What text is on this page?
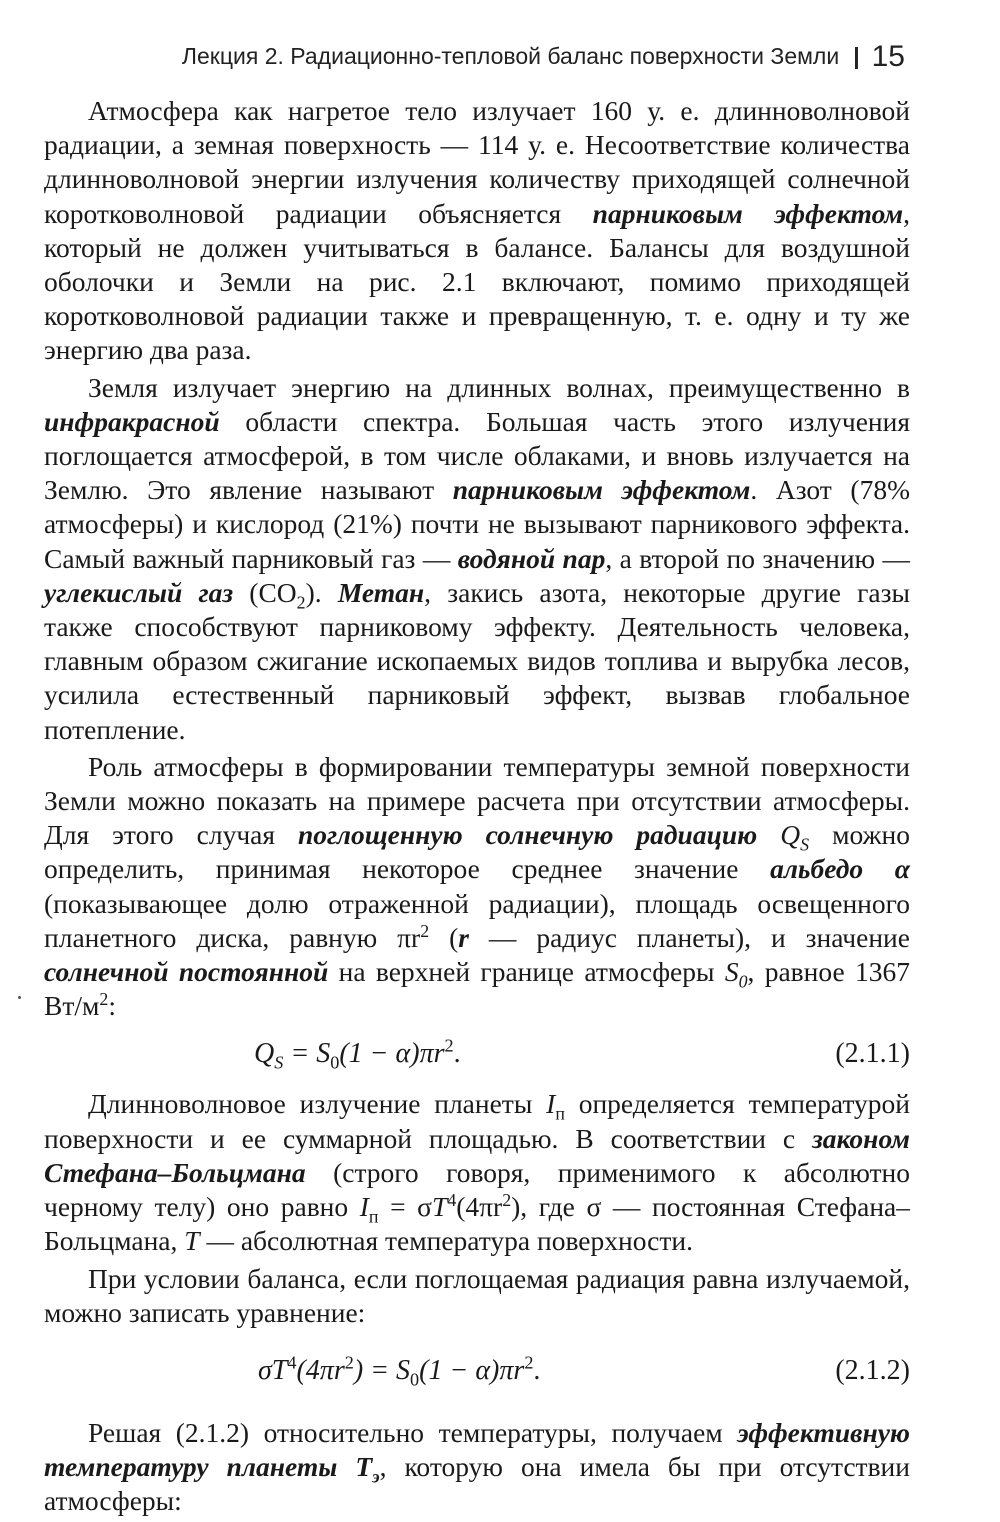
Лекция 2. Радиационно-тепловой баланс поверхности Земли | 15

Атмосфера как нагретое тело излучает 160 у. е. длинноволновой радиации, а земная поверхность — 114 у. е. Несоответствие количества длинноволновой энергии излучения количеству приходящей солнечной коротковолновой радиации объясняется парниковым эффектом, который не должен учитываться в балансе. Балансы для воздушной оболочки и Земли на рис. 2.1 включают, помимо приходящей коротковолновой радиации также и превращенную, т. е. одну и ту же энергию два раза.

Земля излучает энергию на длинных волнах, преимущественно в инфракрасной области спектра. Большая часть этого излучения поглощается атмосферой, в том числе облаками, и вновь излучается на Землю. Это явление называют парниковым эффектом. Азот (78% атмосферы) и кислород (21%) почти не вызывают парникового эффекта. Самый важный парниковый газ — водяной пар, а второй по значению — углекислый газ $(CO_2)$. Метан, закись азота, некоторые другие газы также способствуют парниковому эффекту. Деятельность человека, главным образом сжигание ископаемых видов топлива и вырубка лесов, усилила естественный парниковый эффект, вызвав глобальное потепление.

Роль атмосферы в формировании температуры земной поверхности Земли можно показать на примере расчета при отсутствии атмосферы. Для этого случая поглощенную солнечную радиацию $Q_S$ можно определить, принимая некоторое среднее значение альбедо α (показывающее долю отраженной радиации), площадь освещенного планетного диска, равную $\pi r^2$ (r — радиус планеты), и значение солнечной постоянной на верхней границе атмосферы $S_0$, равное 1367 $Вт/м^2$:

$Q_S = S_0(1 - \alpha)\pi r^2$.	(2.1.1)

Длинноволновое излучение планеты $I_п$ определяется температурой поверхности и ее суммарной площадью. В соответствии с законом Стефана–Больцмана (строго говоря, применимого к абсолютно черному телу) оно равно $I_п = \sigma T^4(4\pi r^2)$, где σ — постоянная Стефана–Больцмана, T — абсолютная температура поверхности.

При условии баланса, если поглощаемая радиация равна излучаемой, можно записать уравнение:

$\sigma T^4(4\pi r^2) = S_0(1 - \alpha)\pi r^2$.	(2.1.2)

Решая (2.1.2) относительно температуры, получаем эффективную температуру планеты $T_э$, которую она имела бы при отсутствии атмосферы:
